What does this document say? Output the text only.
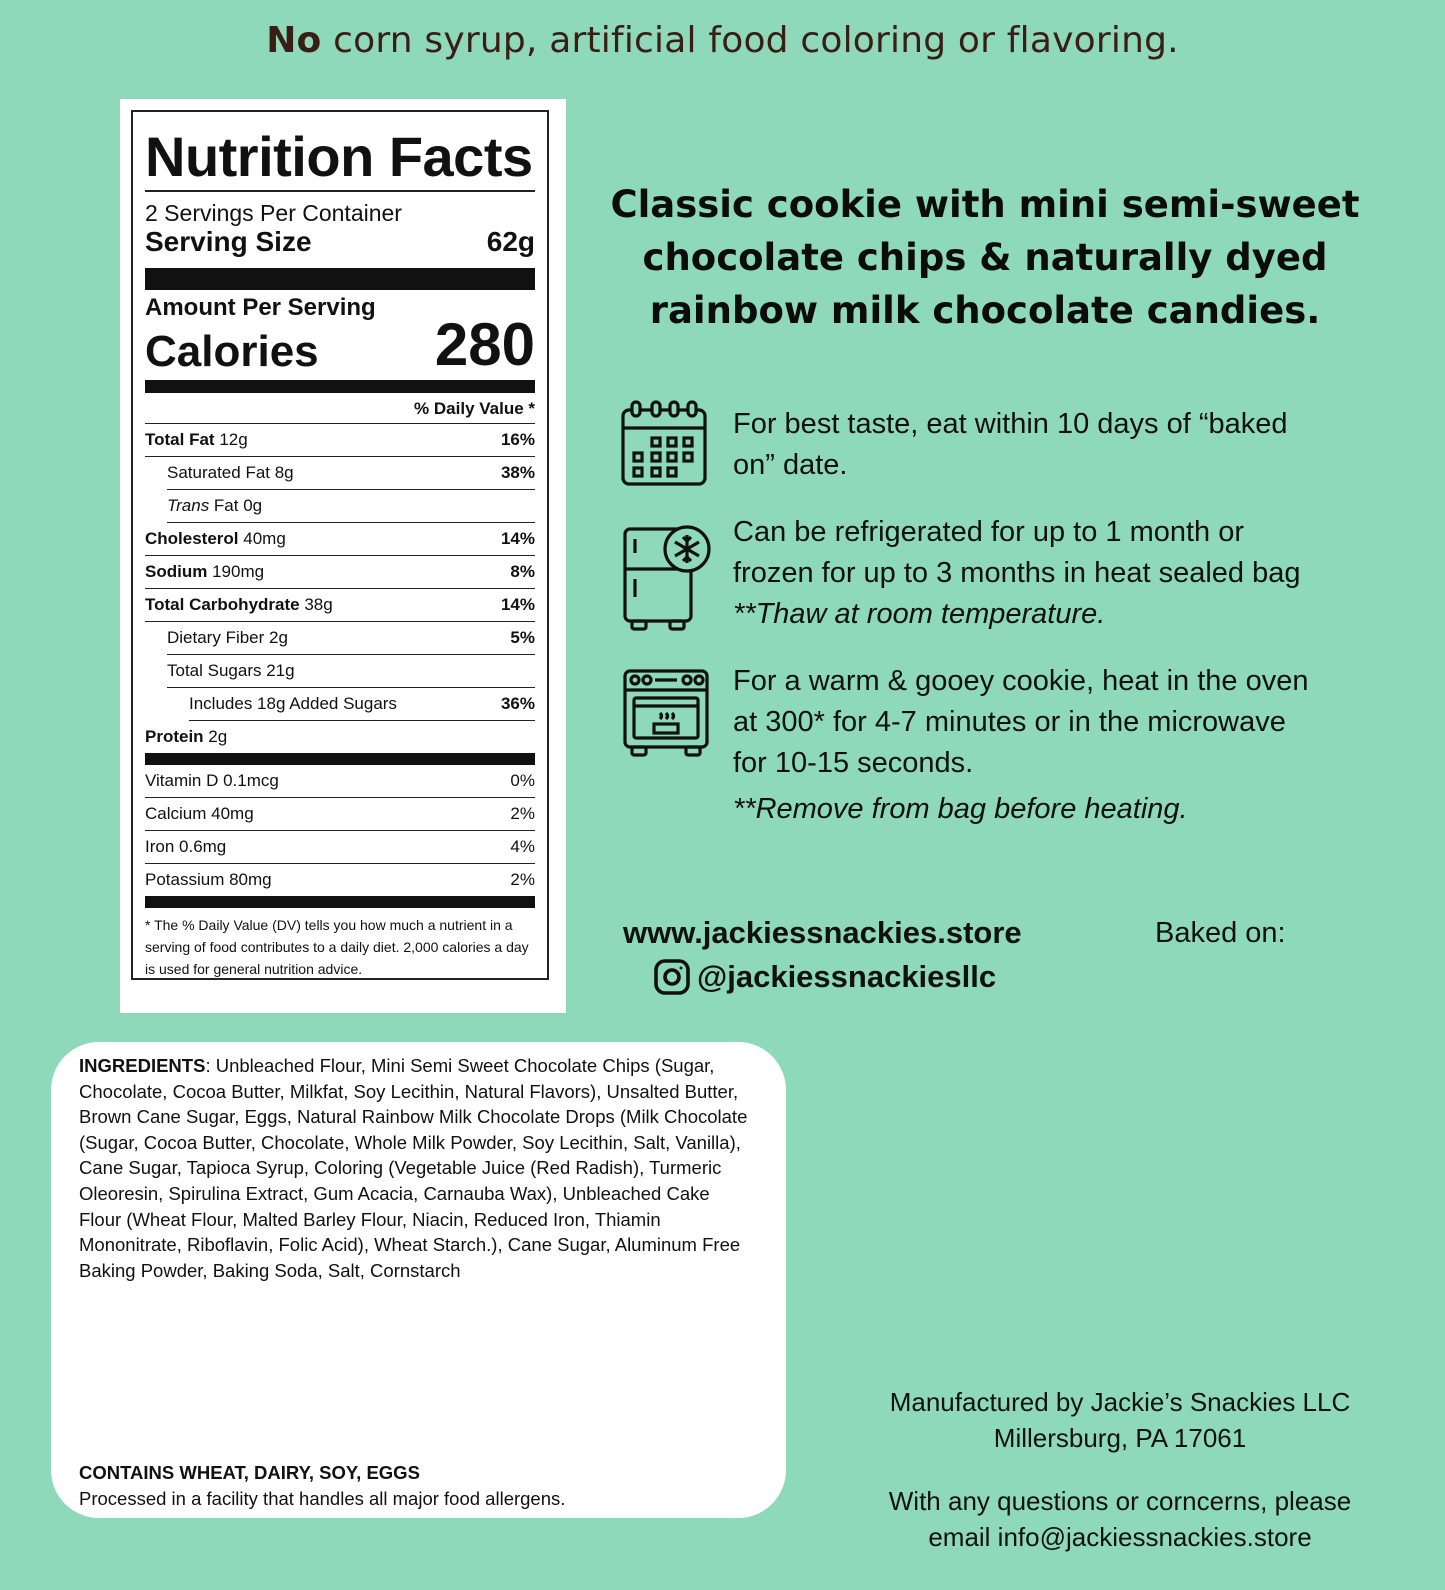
No corn syrup, artificial food coloring or flavoring.
Nutrition Facts
2 Servings Per Container
Serving Size	62g
Amount Per Serving
Calories 280
% Daily Value *
Total Fat 12g	16%
Saturated Fat 8g	38%
Trans Fat 0g
Cholesterol 40mg	14%
Sodium 190mg	8%
Total Carbohydrate 38g	14%
Dietary Fiber 2g	5%
Total Sugars 21g
Includes 18g Added Sugars	36%
Protein 2g
Vitamin D 0.1mcg	0%
Calcium 40mg	2%
Iron 0.6mg	4%
Potassium 80mg	2%
* The % Daily Value (DV) tells you how much a nutrient in a serving of food contributes to a daily diet. 2,000 calories a day is used for general nutrition advice.
Classic cookie with mini semi-sweet
chocolate chips & naturally dyed
rainbow milk chocolate candies.
For best taste, eat within 10 days of “baked
on” date.
Can be refrigerated for up to 1 month or
frozen for up to 3 months in heat sealed bag
**Thaw at room temperature.
For a warm & gooey cookie, heat in the oven
at 300* for 4-7 minutes or in the microwave
for 10-15 seconds.
**Remove from bag before heating.
www.jackiessnackies.store
@jackiessnackiesllc
Baked on:
INGREDIENTS: Unbleached Flour, Mini Semi Sweet Chocolate Chips (Sugar, Chocolate, Cocoa Butter, Milkfat, Soy Lecithin, Natural Flavors), Unsalted Butter, Brown Cane Sugar, Eggs, Natural Rainbow Milk Chocolate Drops (Milk Chocolate (Sugar, Cocoa Butter, Chocolate, Whole Milk Powder, Soy Lecithin, Salt, Vanilla), Cane Sugar, Tapioca Syrup, Coloring (Vegetable Juice (Red Radish), Turmeric Oleoresin, Spirulina Extract, Gum Acacia, Carnauba Wax), Unbleached Cake Flour (Wheat Flour, Malted Barley Flour, Niacin, Reduced Iron, Thiamin Mononitrate, Riboflavin, Folic Acid), Wheat Starch.), Cane Sugar, Aluminum Free Baking Powder, Baking Soda, Salt, Cornstarch
CONTAINS WHEAT, DAIRY, SOY, EGGS
Processed in a facility that handles all major food allergens.
Manufactured by Jackie’s Snackies LLC
Millersburg, PA 17061
With any questions or corncerns, please
email info@jackiessnackies.store
